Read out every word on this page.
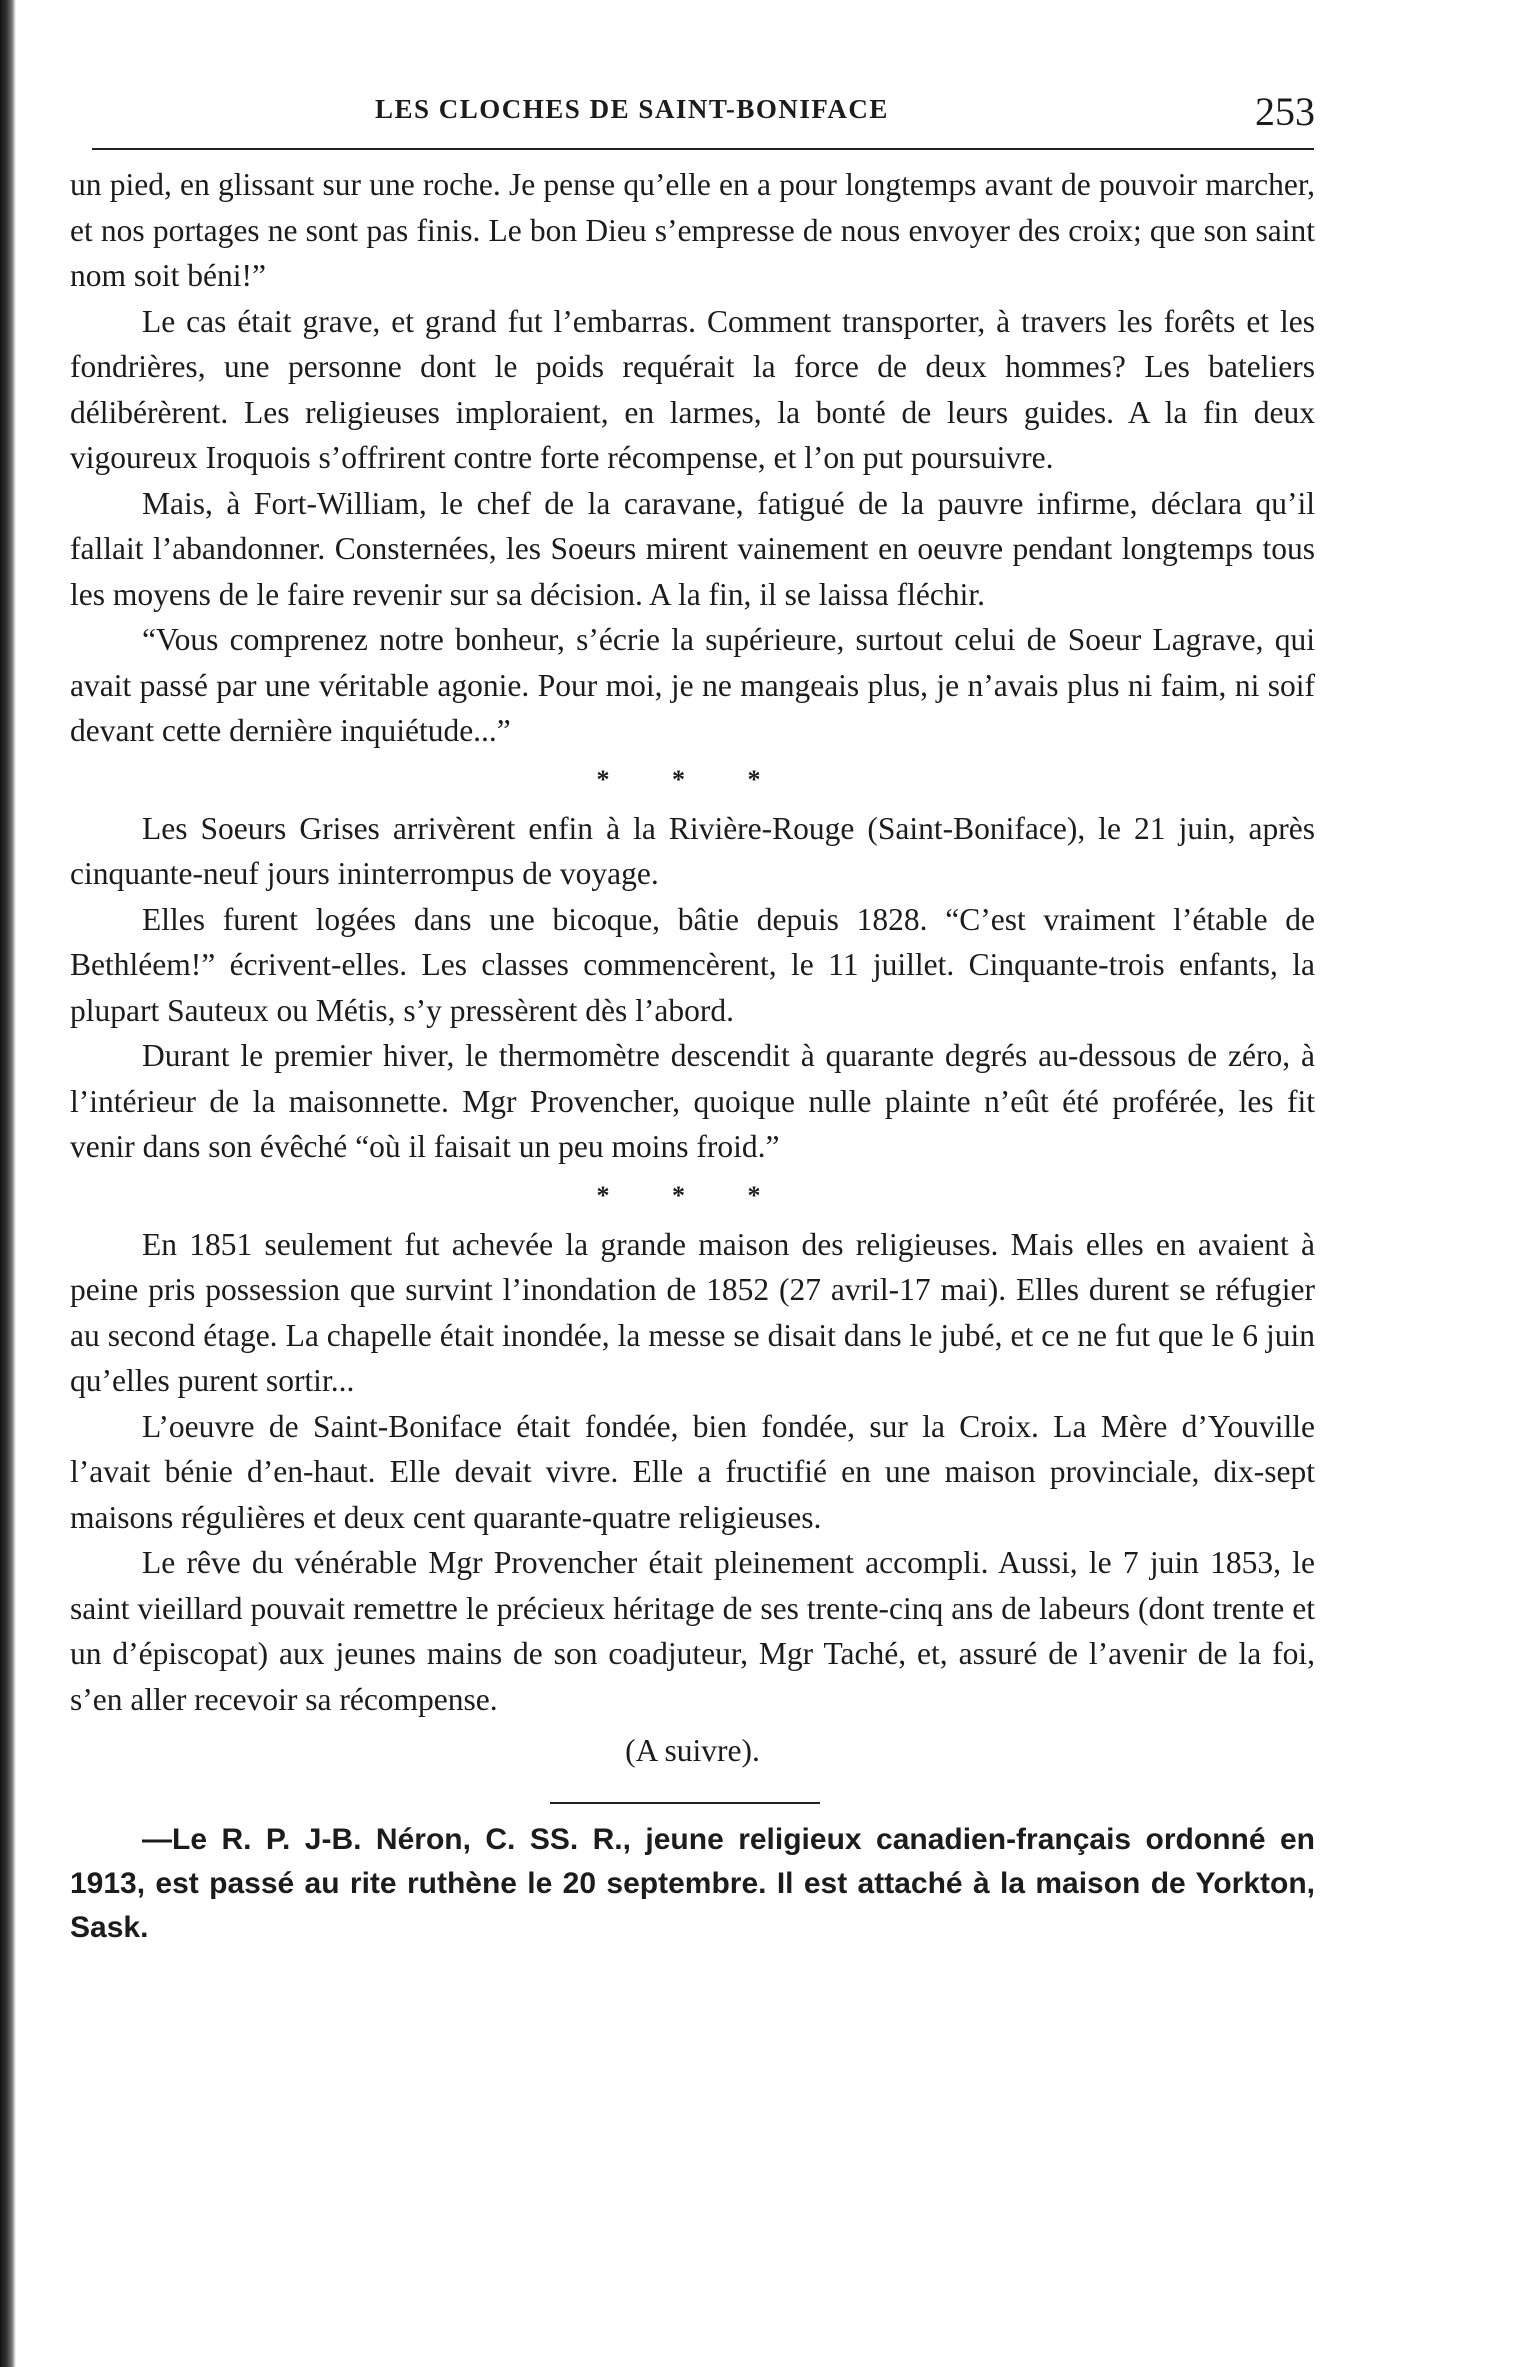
LES CLOCHES DE SAINT-BONIFACE	253

un pied, en glissant sur une roche. Je pense qu’elle en a pour longtemps avant de pouvoir marcher, et nos portages ne sont pas finis. Le bon Dieu s’empresse de nous envoyer des croix; que son saint nom soit béni!”

Le cas était grave, et grand fut l’embarras. Comment transporter, à travers les forêts et les fondrières, une personne dont le poids requérait la force de deux hommes? Les bateliers délibérèrent. Les religieuses imploraient, en larmes, la bonté de leurs guides. A la fin deux vigoureux Iroquois s’offrirent contre forte récompense, et l’on put poursuivre.

Mais, à Fort-William, le chef de la caravane, fatigué de la pauvre infirme, déclara qu’il fallait l’abandonner. Consternées, les Soeurs mirent vainement en oeuvre pendant longtemps tous les moyens de le faire revenir sur sa décision. A la fin, il se laissa fléchir.

“Vous comprenez notre bonheur, s’écrie la supérieure, surtout celui de Soeur Lagrave, qui avait passé par une véritable agonie. Pour moi, je ne mangeais plus, je n’avais plus ni faim, ni soif devant cette dernière inquiétude...”

* * *

Les Soeurs Grises arrivèrent enfin à la Rivière-Rouge (Saint-Boniface), le 21 juin, après cinquante-neuf jours ininterrompus de voyage.

Elles furent logées dans une bicoque, bâtie depuis 1828. “C’est vraiment l’étable de Bethléem!” écrivent-elles. Les classes commencèrent, le 11 juillet. Cinquante-trois enfants, la plupart Sauteux ou Métis, s’y pressèrent dès l’abord.

Durant le premier hiver, le thermomètre descendit à quarante degrés au-dessous de zéro, à l’intérieur de la maisonnette. Mgr Provencher, quoique nulle plainte n’eût été proférée, les fit venir dans son évêché “où il faisait un peu moins froid.”

* * *

En 1851 seulement fut achevée la grande maison des religieuses. Mais elles en avaient à peine pris possession que survint l’inondation de 1852 (27 avril-17 mai). Elles durent se réfugier au second étage. La chapelle était inondée, la messe se disait dans le jubé, et ce ne fut que le 6 juin qu’elles purent sortir...

L’oeuvre de Saint-Boniface était fondée, bien fondée, sur la Croix. La Mère d’Youville l’avait bénie d’en-haut. Elle devait vivre. Elle a fructifié en une maison provinciale, dix-sept maisons régulières et deux cent quarante-quatre religieuses.

Le rêve du vénérable Mgr Provencher était pleinement accompli. Aussi, le 7 juin 1853, le saint vieillard pouvait remettre le précieux héritage de ses trente-cinq ans de labeurs (dont trente et un d’épiscopat) aux jeunes mains de son coadjuteur, Mgr Taché, et, assuré de l’avenir de la foi, s’en aller recevoir sa récompense.

(A suivre).

—Le R. P. J-B. Néron, C. SS. R., jeune religieux canadien-français ordonné en 1913, est passé au rite ruthène le 20 septembre. Il est attaché à la maison de Yorkton, Sask.
